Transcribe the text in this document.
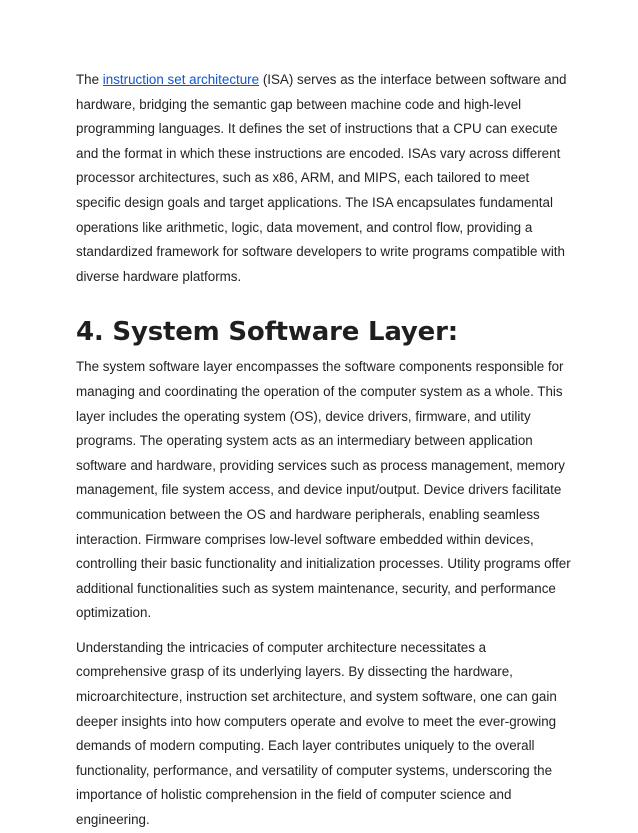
The instruction set architecture (ISA) serves as the interface between software and hardware, bridging the semantic gap between machine code and high-level programming languages. It defines the set of instructions that a CPU can execute and the format in which these instructions are encoded. ISAs vary across different processor architectures, such as x86, ARM, and MIPS, each tailored to meet specific design goals and target applications. The ISA encapsulates fundamental operations like arithmetic, logic, data movement, and control flow, providing a standardized framework for software developers to write programs compatible with diverse hardware platforms.

4. System Software Layer:

The system software layer encompasses the software components responsible for managing and coordinating the operation of the computer system as a whole. This layer includes the operating system (OS), device drivers, firmware, and utility programs. The operating system acts as an intermediary between application software and hardware, providing services such as process management, memory management, file system access, and device input/output. Device drivers facilitate communication between the OS and hardware peripherals, enabling seamless interaction. Firmware comprises low-level software embedded within devices, controlling their basic functionality and initialization processes. Utility programs offer additional functionalities such as system maintenance, security, and performance optimization.

Understanding the intricacies of computer architecture necessitates a comprehensive grasp of its underlying layers. By dissecting the hardware, microarchitecture, instruction set architecture, and system software, one can gain deeper insights into how computers operate and evolve to meet the ever-growing demands of modern computing. Each layer contributes uniquely to the overall functionality, performance, and versatility of computer systems, underscoring the importance of holistic comprehension in the field of computer science and engineering.
